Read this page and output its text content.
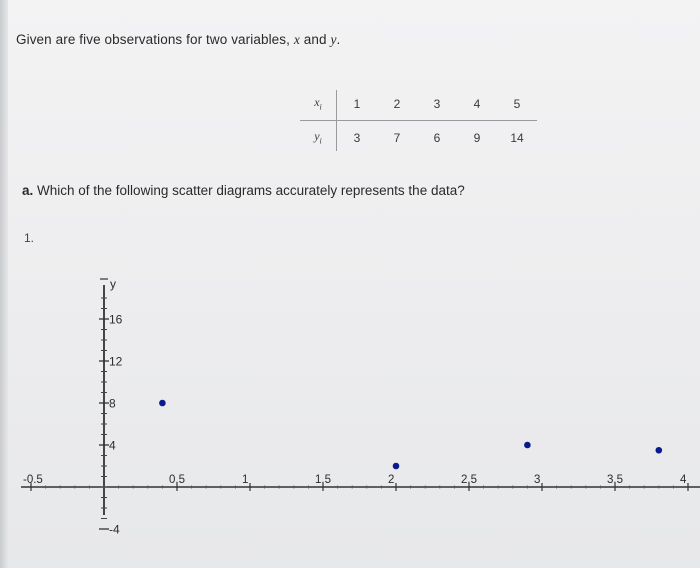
Given are five observations for two variables, x and y.
$x_i$	1	2	3	4	5
$y_i$	3	7	6	9	14
a. Which of the following scatter diagrams accurately represents the data?
1.
16
12
8
4
-4
y
-0.5	0.5	1	1.5	2	2.5	3	3.5	4
